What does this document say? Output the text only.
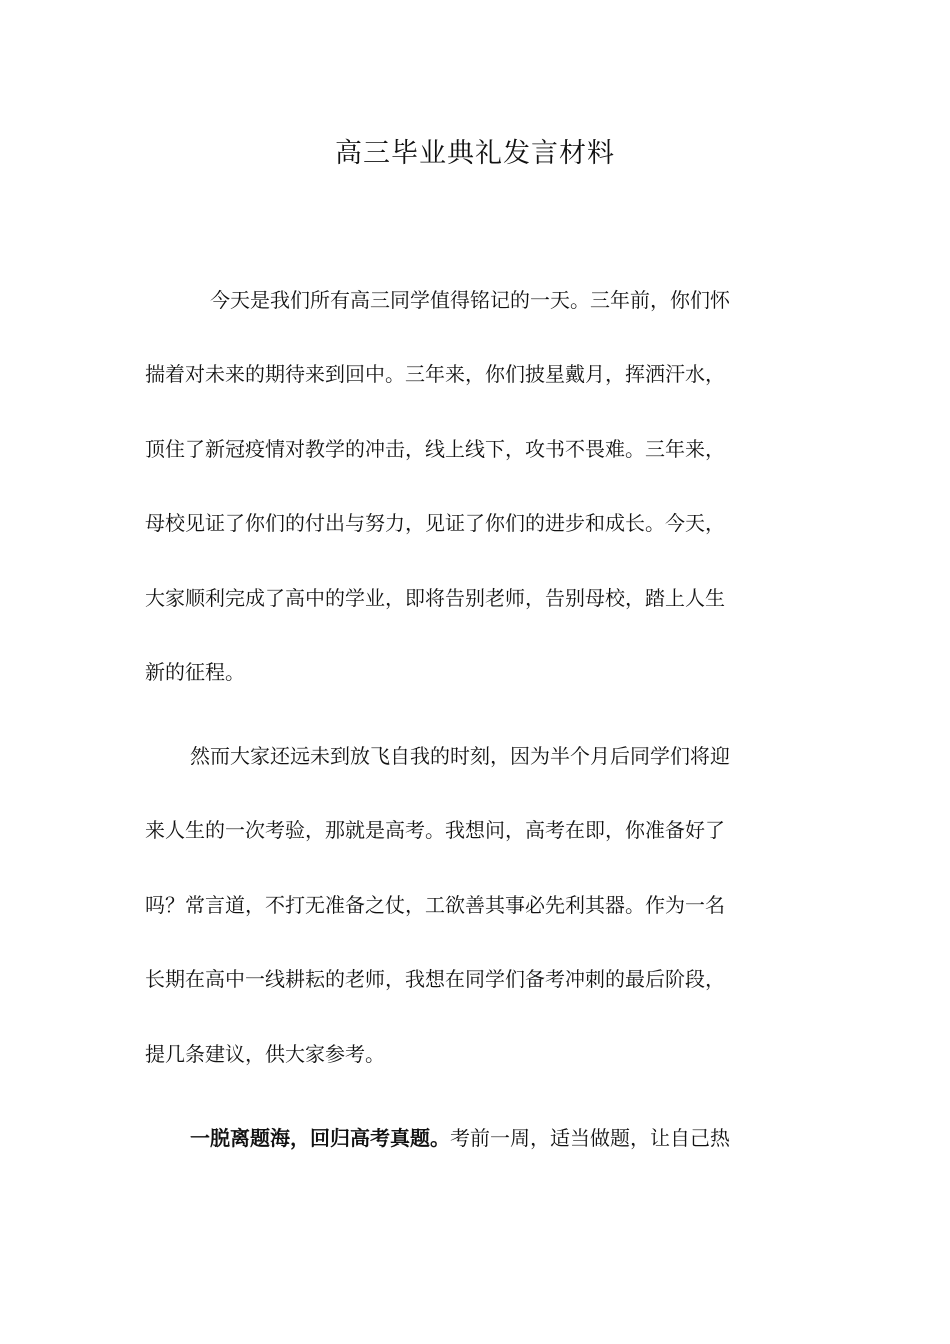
高三毕业典礼发言材料
今天是我们所有高三同学值得铭记的一天。三年前，你们怀
揣着对未来的期待来到回中。三年来，你们披星戴月，挥洒汗水，
顶住了新冠疫情对教学的冲击，线上线下，攻书不畏难。三年来，
母校见证了你们的付出与努力，见证了你们的进步和成长。今天，
大家顺利完成了高中的学业，即将告别老师，告别母校，踏上人生
新的征程。
然而大家还远未到放飞自我的时刻，因为半个月后同学们将迎
来人生的一次考验，那就是高考。我想问，高考在即，你准备好了
吗？常言道，不打无准备之仗，工欲善其事必先利其器。作为一名
长期在高中一线耕耘的老师，我想在同学们备考冲刺的最后阶段，
提几条建议，供大家参考。
一脱离题海，回归高考真题。考前一周，适当做题，让自己热
